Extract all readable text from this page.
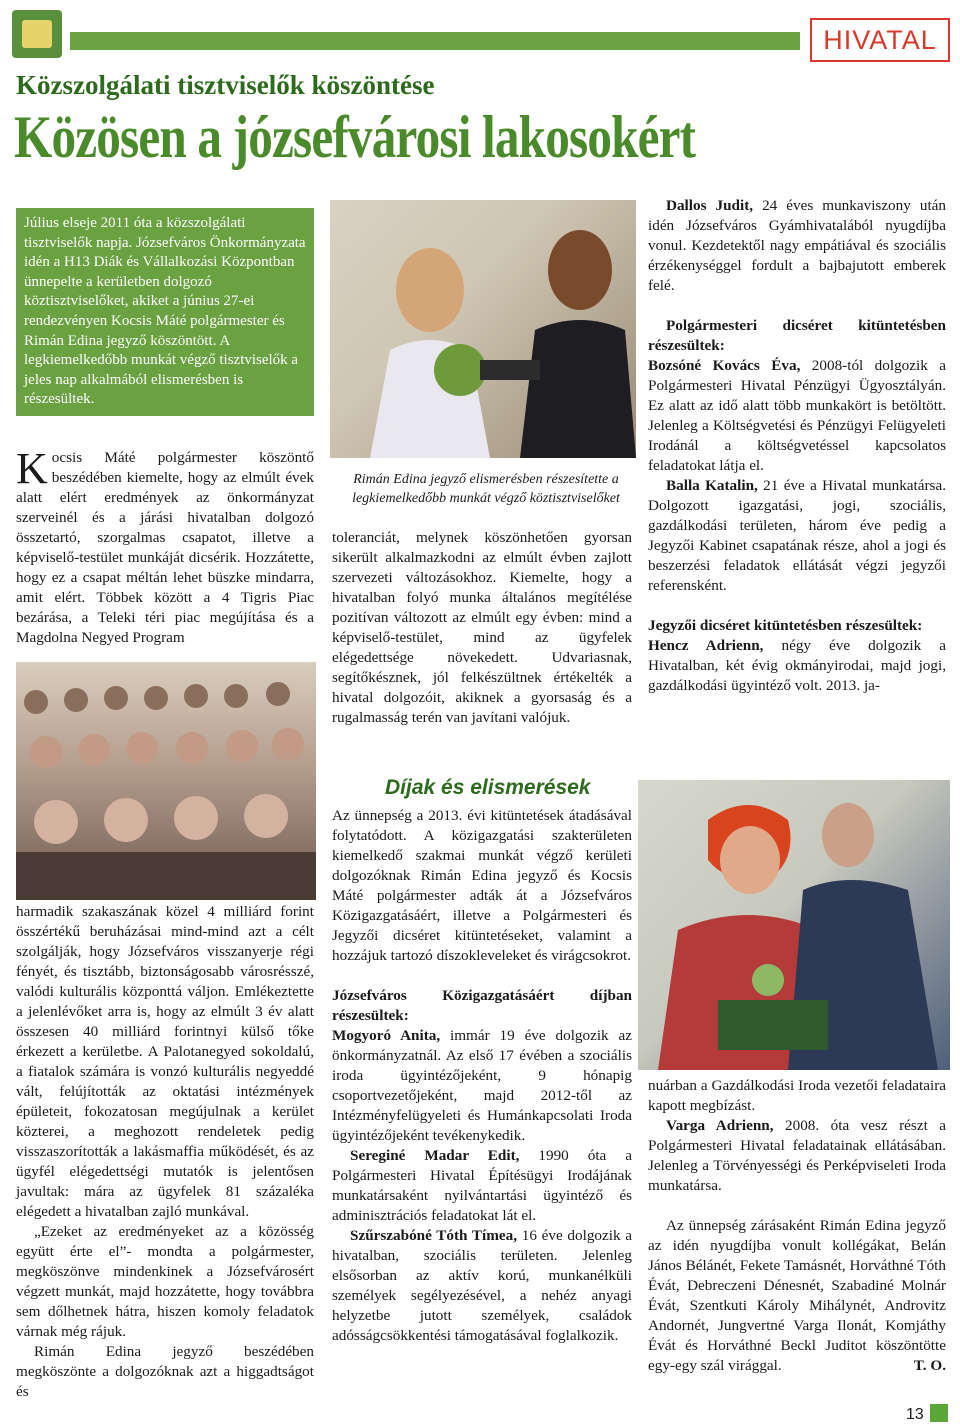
HIVATAL
Közszolgálati tisztviselők köszöntése
Közösen a józsefvárosi lakosokért
Július elseje 2011 óta a közszolgálati tisztviselők napja. Józsefváros Önkormányzata idén a H13 Diák és Vállalkozási Központban ünnepelte a kerületben dolgozó köztisztviselőket, akiket a június 27-ei rendezvényen Kocsis Máté polgármester és Rimán Edina jegyző köszöntött. A legkiemelkedőbb munkát végző tisztviselők a jeles nap alkalmából elismerésben is részesültek.
K ocsis Máté polgármester köszöntő beszédében kiemelte, hogy az elmúlt évek alatt elért eredmények az önkormányzat szerveinél és a járási hivatalban dolgozó összetartó, szorgalmas csapatot, illetve a képviselő-testület munkáját dicsérik. Hozzátette, hogy ez a csapat méltán lehet büszke mindarra, amit elért. Többek között a 4 Tigris Piac bezárása, a Teleki téri piac megújítása és a Magdolna Negyed Program

harmadik szakaszának közel 4 milliárd forint összértékű beruházásai mind-mind azt a célt szolgálják, hogy Józsefváros visszanyerje régi fényét, és tisztább, biztonságosabb városrésszé, valódi kulturális központtá váljon. Emlékeztette a jelenlévőket arra is, hogy az elmúlt 3 év alatt összesen 40 milliárd forintnyi külső tőke érkezett a kerületbe. A Palotanegyed sokoldalú, a fiatalok számára is vonzó kulturális negyeddé vált, felújították az oktatási intézmények épületeit, fokozatosan megújulnak a kerület közterei, a meghozott rendeletek pedig visszaszorították a lakásmaffia működését, és az ügyfél elégedettségi mutatók is jelentősen javultak: mára az ügyfelek 81 százaléka elégedett a hivatalban zajló munkával.

„Ezeket az eredményeket az a közösség együtt érte el”- mondta a polgármester, megköszönve mindenkinek a Józsefvárosért végzett munkát, majd hozzátette, hogy továbbra sem dőlhetnek hátra, hiszen komoly feladatok várnak még rájuk.

Rimán Edina jegyző beszédében megköszönte a dolgozóknak azt a higgadtságot és

Rimán Edina jegyző elismerésben részesítette a legkiemelkedőbb munkát végző köztisztviselőket
toleranciát, melynek köszönhetően gyorsan sikerült alkalmazkodni az elmúlt évben zajlott szervezeti változásokhoz. Kiemelte, hogy a hivatalban folyó munka általános megítélése pozitívan változott az elmúlt egy évben: mind a képviselő-testület, mind az ügyfelek elégedettsége növekedett. Udvariasnak, segítőkésznek, jól felkészültnek értékelték a hivatal dolgozóit, akiknek a gyorsaság és a rugalmasság terén van javítani valójuk.
Díjak és elismerések

Az ünnepség a 2013. évi kitüntetések átadásával folytatódott. A közigazgatási szakterületen kiemelkedő szakmai munkát végző kerületi dolgozóknak Rimán Edina jegyző és Kocsis Máté polgármester adták át a Józsefváros Közigazgatásáért, illetve a Polgármesteri és Jegyzői dicséret kitüntetéseket, valamint a hozzájuk tartozó díszokleveleket és virágcsokrot.

Józsefváros Közigazgatásáért díjban részesültek:

Mogyoró Anita, immár 19 éve dolgozik az önkormányzatnál. Az első 17 évében a szociális iroda ügyintézőjeként, 9 hónapig csoportvezetőjeként, majd 2012-től az Intézményfelügyeleti és Humánkapcsolati Iroda ügyintézőjeként tevékenykedik.

Sereginé Madar Edit, 1990 óta a Polgármesteri Hivatal Építésügyi Irodájának munkatársaként nyilvántartási ügyintéző és adminisztrációs feladatokat lát el.

Szűrszabóné Tóth Tímea, 16 éve dolgozik a hivatalban, szociális területen. Jelenleg elsősorban az aktív korú, munkanélküli személyek segélyezésével, a nehéz anyagi helyzetbe jutott személyek, családok adósságcsökkentési támogatásával foglalkozik.

Dallos Judit, 24 éves munkaviszony után idén Józsefváros Gyámhivatalából nyugdíjba vonul. Kezdetektől nagy empátiával és szociális érzékenységgel fordult a bajbajutott emberek felé.

Polgármesteri dicséret kitüntetésben részesültek:

Bozsóné Kovács Éva, 2008-tól dolgozik a Polgármesteri Hivatal Pénzügyi Ügyosztályán. Ez alatt az idő alatt több munkakört is betöltött. Jelenleg a Költségvetési és Pénzügyi Felügyeleti Irodánál a költségvetéssel kapcsolatos feladatokat látja el.

Balla Katalin, 21 éve a Hivatal munkatársa. Dolgozott igazgatási, jogi, szociális, gazdálkodási területen, három éve pedig a Jegyzői Kabinet csapatának része, ahol a jogi és beszerzési feladatok ellátását végzi jegyzői referensként.

Jegyzői dicséret kitüntetésben részesültek:

Hencz Adrienn, négy éve dolgozik a Hivatalban, két évig okmányirodai, majd jogi, gazdálkodási ügyintéző volt. 2013. ja-

nuárban a Gazdálkodási Iroda vezetői feladataira kapott megbízást.

Varga Adrienn, 2008. óta vesz részt a Polgármesteri Hivatal feladatainak ellátásában. Jelenleg a Törvényességi és Perképviseleti Iroda munkatársa.

Az ünnepség zárásaként Rimán Edina jegyző az idén nyugdíjba vonult kollégákat, Belán János Bélánét, Fekete Tamásnét, Horváthné Tóth Évát, Debreczeni Dénesnét, Szabadiné Molnár Évát, Szentkuti Károly Mihálynét, Androvitz Andornét, Jungvertné Varga Ilonát, Komjáthy Évát és Horváthné Beckl Juditot köszöntötte egy-egy szál virággal.	T. O.

13
